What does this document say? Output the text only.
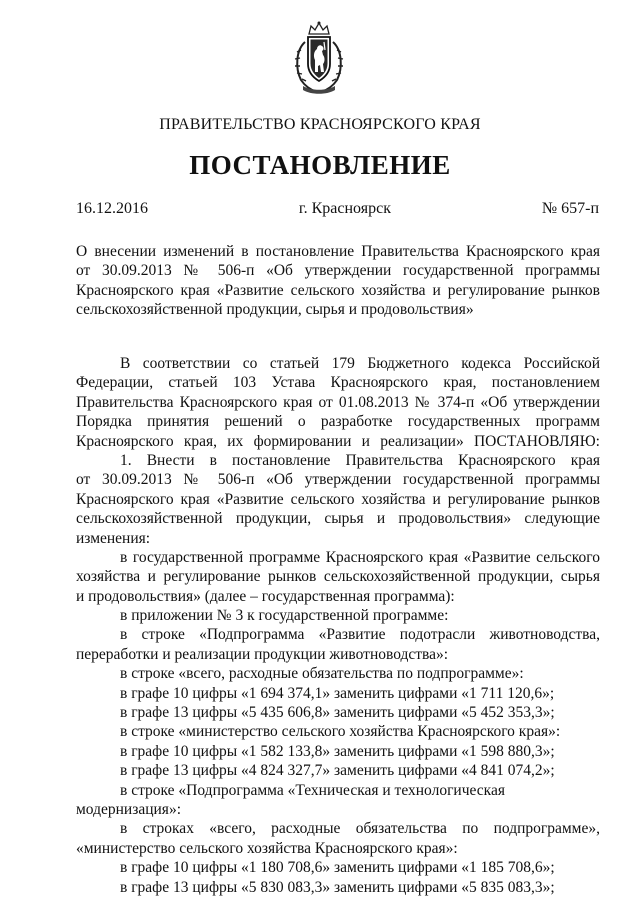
ПРАВИТЕЛЬСТВО КРАСНОЯРСКОГО КРАЯ
ПОСТАНОВЛЕНИЕ
16.12.2016	г. Красноярск	№ 657-п
О внесении изменений в постановление Правительства Красноярского края
от 30.09.2013 № 506-п «Об утверждении государственной программы
Красноярского края «Развитие сельского хозяйства и регулирование рынков
сельскохозяйственной продукции, сырья и продовольствия»
В соответствии со статьей 179 Бюджетного кодекса Российской
Федерации, статьей 103 Устава Красноярского края, постановлением
Правительства Красноярского края от 01.08.2013 № 374-п «Об утверждении
Порядка принятия решений о разработке государственных программ
Красноярского края, их формировании и реализации» ПОСТАНОВЛЯЮ:
1. Внести в постановление Правительства Красноярского края
от 30.09.2013 № 506-п «Об утверждении государственной программы
Красноярского края «Развитие сельского хозяйства и регулирование рынков
сельскохозяйственной продукции, сырья и продовольствия» следующие
изменения:
в государственной программе Красноярского края «Развитие сельского
хозяйства и регулирование рынков сельскохозяйственной продукции, сырья
и продовольствия» (далее – государственная программа):
в приложении № 3 к государственной программе:
в строке «Подпрограмма «Развитие подотрасли животноводства,
переработки и реализации продукции животноводства»:
в строке «всего, расходные обязательства по подпрограмме»:
в графе 10 цифры «1 694 374,1» заменить цифрами «1 711 120,6»;
в графе 13 цифры «5 435 606,8» заменить цифрами «5 452 353,3»;
в строке «министерство сельского хозяйства Красноярского края»:
в графе 10 цифры «1 582 133,8» заменить цифрами «1 598 880,3»;
в графе 13 цифры «4 824 327,7» заменить цифрами «4 841 074,2»;
в строке «Подпрограмма «Техническая и технологическая
модернизация»:
в строках «всего, расходные обязательства по подпрограмме»,
«министерство сельского хозяйства Красноярского края»:
в графе 10 цифры «1 180 708,6» заменить цифрами «1 185 708,6»;
в графе 13 цифры «5 830 083,3» заменить цифрами «5 835 083,3»;
